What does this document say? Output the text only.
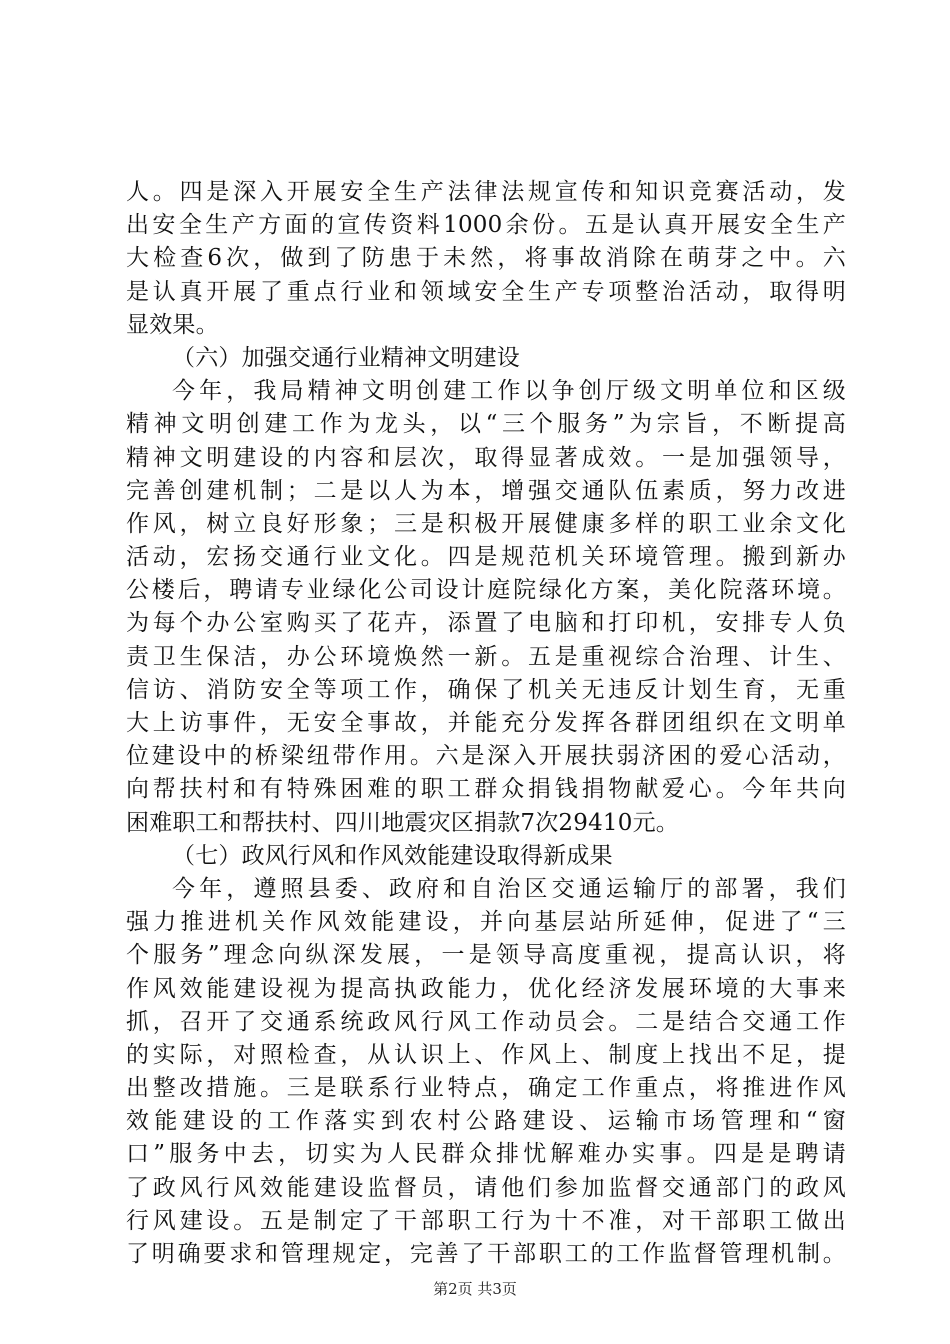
人。四是深入开展安全生产法律法规宣传和知识竞赛活动，发
出安全生产方面的宣传资料1000余份。五是认真开展安全生产
大检查6次，做到了防患于未然，将事故消除在萌芽之中。六
是认真开展了重点行业和领域安全生产专项整治活动，取得明
显效果。
（六）加强交通行业精神文明建设
今年，我局精神文明创建工作以争创厅级文明单位和区级
精神文明创建工作为龙头，以“三个服务”为宗旨，不断提高
精神文明建设的内容和层次，取得显著成效。一是加强领导，
完善创建机制；二是以人为本，增强交通队伍素质，努力改进
作风，树立良好形象；三是积极开展健康多样的职工业余文化
活动，宏扬交通行业文化。四是规范机关环境管理。搬到新办
公楼后，聘请专业绿化公司设计庭院绿化方案，美化院落环境。
为每个办公室购买了花卉，添置了电脑和打印机，安排专人负
责卫生保洁，办公环境焕然一新。五是重视综合治理、计生、
信访、消防安全等项工作，确保了机关无违反计划生育，无重
大上访事件，无安全事故，并能充分发挥各群团组织在文明单
位建设中的桥梁纽带作用。六是深入开展扶弱济困的爱心活动，
向帮扶村和有特殊困难的职工群众捐钱捐物献爱心。今年共向
困难职工和帮扶村、四川地震灾区捐款7次29410元。
（七）政风行风和作风效能建设取得新成果
今年，遵照县委、政府和自治区交通运输厅的部署，我们
强力推进机关作风效能建设，并向基层站所延伸，促进了“三
个服务”理念向纵深发展，一是领导高度重视，提高认识，将
作风效能建设视为提高执政能力，优化经济发展环境的大事来
抓，召开了交通系统政风行风工作动员会。二是结合交通工作
的实际，对照检查，从认识上、作风上、制度上找出不足，提
出整改措施。三是联系行业特点，确定工作重点，将推进作风
效能建设的工作落实到农村公路建设、运输市场管理和“窗
口”服务中去，切实为人民群众排忧解难办实事。四是是聘请
了政风行风效能建设监督员，请他们参加监督交通部门的政风
行风建设。五是制定了干部职工行为十不准，对干部职工做出
了明确要求和管理规定，完善了干部职工的工作监督管理机制。
第2页 共3页
